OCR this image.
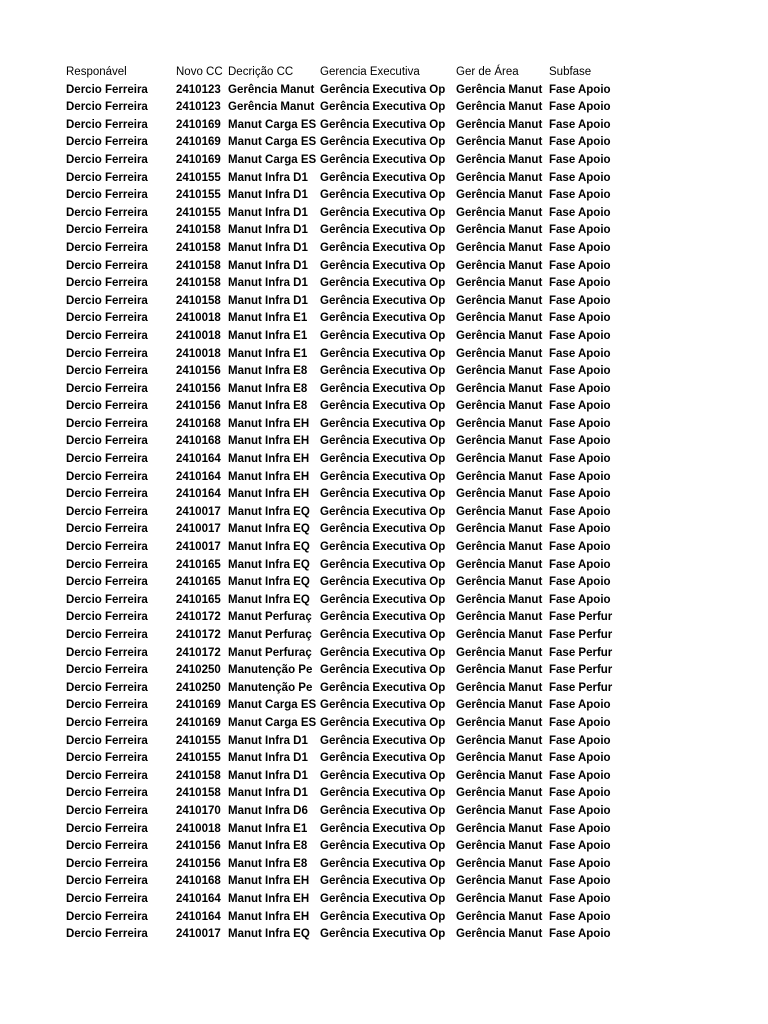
Responável	Novo CC	Decrição CC	Gerencia Executiva	Ger de Área	Subfase
Dercio Ferreira	2410123	Gerência Manut	Gerência Executiva Op	Gerência Manut	Fase Apoio
Dercio Ferreira	2410123	Gerência Manut	Gerência Executiva Op	Gerência Manut	Fase Apoio
Dercio Ferreira	2410169	Manut Carga ES	Gerência Executiva Op	Gerência Manut	Fase Apoio
Dercio Ferreira	2410169	Manut Carga ES	Gerência Executiva Op	Gerência Manut	Fase Apoio
Dercio Ferreira	2410169	Manut Carga ES	Gerência Executiva Op	Gerência Manut	Fase Apoio
Dercio Ferreira	2410155	Manut Infra D1	Gerência Executiva Op	Gerência Manut	Fase Apoio
Dercio Ferreira	2410155	Manut Infra D1	Gerência Executiva Op	Gerência Manut	Fase Apoio
Dercio Ferreira	2410155	Manut Infra D1	Gerência Executiva Op	Gerência Manut	Fase Apoio
Dercio Ferreira	2410158	Manut Infra D1	Gerência Executiva Op	Gerência Manut	Fase Apoio
Dercio Ferreira	2410158	Manut Infra D1	Gerência Executiva Op	Gerência Manut	Fase Apoio
Dercio Ferreira	2410158	Manut Infra D1	Gerência Executiva Op	Gerência Manut	Fase Apoio
Dercio Ferreira	2410158	Manut Infra D1	Gerência Executiva Op	Gerência Manut	Fase Apoio
Dercio Ferreira	2410158	Manut Infra D1	Gerência Executiva Op	Gerência Manut	Fase Apoio
Dercio Ferreira	2410018	Manut Infra E1	Gerência Executiva Op	Gerência Manut	Fase Apoio
Dercio Ferreira	2410018	Manut Infra E1	Gerência Executiva Op	Gerência Manut	Fase Apoio
Dercio Ferreira	2410018	Manut Infra E1	Gerência Executiva Op	Gerência Manut	Fase Apoio
Dercio Ferreira	2410156	Manut Infra E8	Gerência Executiva Op	Gerência Manut	Fase Apoio
Dercio Ferreira	2410156	Manut Infra E8	Gerência Executiva Op	Gerência Manut	Fase Apoio
Dercio Ferreira	2410156	Manut Infra E8	Gerência Executiva Op	Gerência Manut	Fase Apoio
Dercio Ferreira	2410168	Manut Infra EH	Gerência Executiva Op	Gerência Manut	Fase Apoio
Dercio Ferreira	2410168	Manut Infra EH	Gerência Executiva Op	Gerência Manut	Fase Apoio
Dercio Ferreira	2410164	Manut Infra EH	Gerência Executiva Op	Gerência Manut	Fase Apoio
Dercio Ferreira	2410164	Manut Infra EH	Gerência Executiva Op	Gerência Manut	Fase Apoio
Dercio Ferreira	2410164	Manut Infra EH	Gerência Executiva Op	Gerência Manut	Fase Apoio
Dercio Ferreira	2410017	Manut Infra EQ	Gerência Executiva Op	Gerência Manut	Fase Apoio
Dercio Ferreira	2410017	Manut Infra EQ	Gerência Executiva Op	Gerência Manut	Fase Apoio
Dercio Ferreira	2410017	Manut Infra EQ	Gerência Executiva Op	Gerência Manut	Fase Apoio
Dercio Ferreira	2410165	Manut Infra EQ	Gerência Executiva Op	Gerência Manut	Fase Apoio
Dercio Ferreira	2410165	Manut Infra EQ	Gerência Executiva Op	Gerência Manut	Fase Apoio
Dercio Ferreira	2410165	Manut Infra EQ	Gerência Executiva Op	Gerência Manut	Fase Apoio
Dercio Ferreira	2410172	Manut Perfuraç	Gerência Executiva Op	Gerência Manut	Fase Perfur
Dercio Ferreira	2410172	Manut Perfuraç	Gerência Executiva Op	Gerência Manut	Fase Perfur
Dercio Ferreira	2410172	Manut Perfuraç	Gerência Executiva Op	Gerência Manut	Fase Perfur
Dercio Ferreira	2410250	Manutenção Pe	Gerência Executiva Op	Gerência Manut	Fase Perfur
Dercio Ferreira	2410250	Manutenção Pe	Gerência Executiva Op	Gerência Manut	Fase Perfur
Dercio Ferreira	2410169	Manut Carga ES	Gerência Executiva Op	Gerência Manut	Fase Apoio
Dercio Ferreira	2410169	Manut Carga ES	Gerência Executiva Op	Gerência Manut	Fase Apoio
Dercio Ferreira	2410155	Manut Infra D1	Gerência Executiva Op	Gerência Manut	Fase Apoio
Dercio Ferreira	2410155	Manut Infra D1	Gerência Executiva Op	Gerência Manut	Fase Apoio
Dercio Ferreira	2410158	Manut Infra D1	Gerência Executiva Op	Gerência Manut	Fase Apoio
Dercio Ferreira	2410158	Manut Infra D1	Gerência Executiva Op	Gerência Manut	Fase Apoio
Dercio Ferreira	2410170	Manut Infra D6	Gerência Executiva Op	Gerência Manut	Fase Apoio
Dercio Ferreira	2410018	Manut Infra E1	Gerência Executiva Op	Gerência Manut	Fase Apoio
Dercio Ferreira	2410156	Manut Infra E8	Gerência Executiva Op	Gerência Manut	Fase Apoio
Dercio Ferreira	2410156	Manut Infra E8	Gerência Executiva Op	Gerência Manut	Fase Apoio
Dercio Ferreira	2410168	Manut Infra EH	Gerência Executiva Op	Gerência Manut	Fase Apoio
Dercio Ferreira	2410164	Manut Infra EH	Gerência Executiva Op	Gerência Manut	Fase Apoio
Dercio Ferreira	2410164	Manut Infra EH	Gerência Executiva Op	Gerência Manut	Fase Apoio
Dercio Ferreira	2410017	Manut Infra EQ	Gerência Executiva Op	Gerência Manut	Fase Apoio
